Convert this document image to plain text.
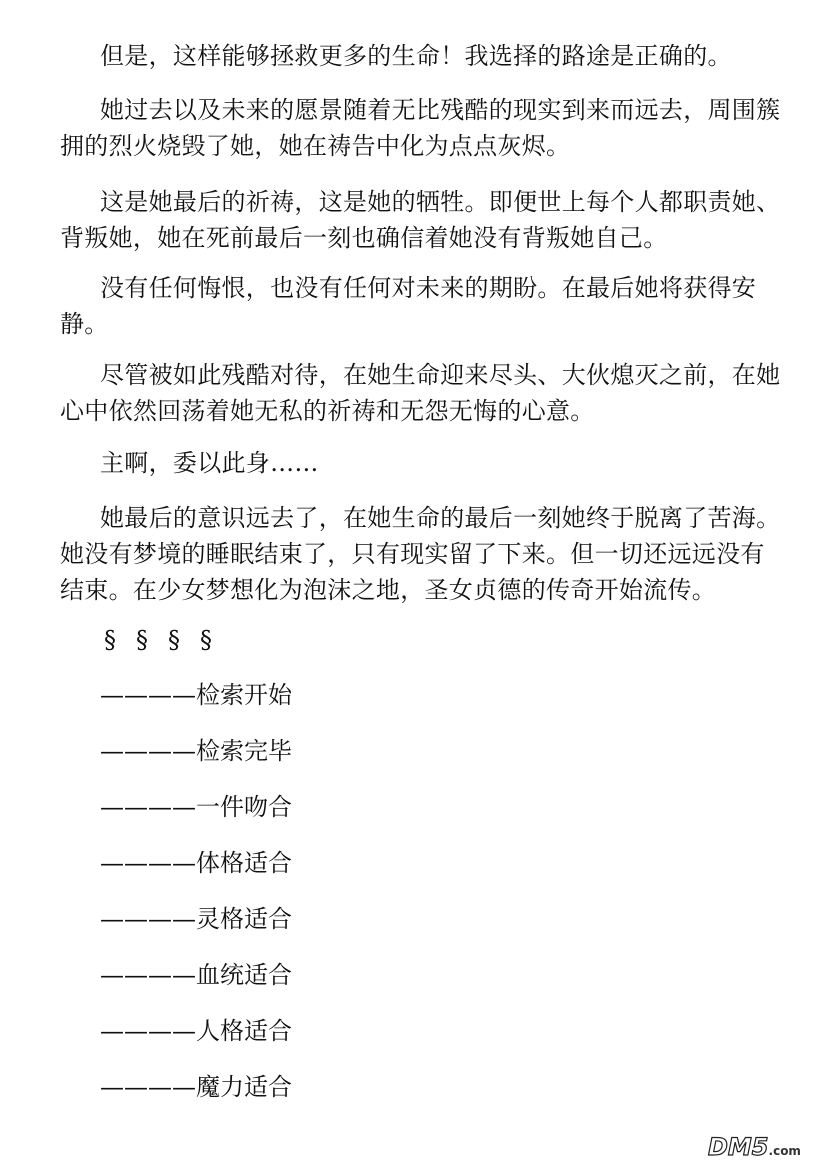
但是，这样能够拯救更多的生命！我选择的路途是正确的。

她过去以及未来的愿景随着无比残酷的现实到来而远去，周围簇拥的烈火烧毁了她，她在祷告中化为点点灰烬。

这是她最后的祈祷，这是她的牺牲。即便世上每个人都职责她、背叛她，她在死前最后一刻也确信着她没有背叛她自己。

没有任何悔恨，也没有任何对未来的期盼。在最后她将获得安静。

尽管被如此残酷对待，在她生命迎来尽头、大伙熄灭之前，在她心中依然回荡着她无私的祈祷和无怨无悔的心意。

主啊，委以此身……

她最后的意识远去了，在她生命的最后一刻她终于脱离了苦海。她没有梦境的睡眠结束了，只有现实留了下来。但一切还远远没有结束。在少女梦想化为泡沫之地，圣女贞德的传奇开始流传。

§§§§

————检索开始

————检索完毕

————一件吻合

————体格适合

————灵格适合

————血统适合

————人格适合

————魔力适合

DM5.com
